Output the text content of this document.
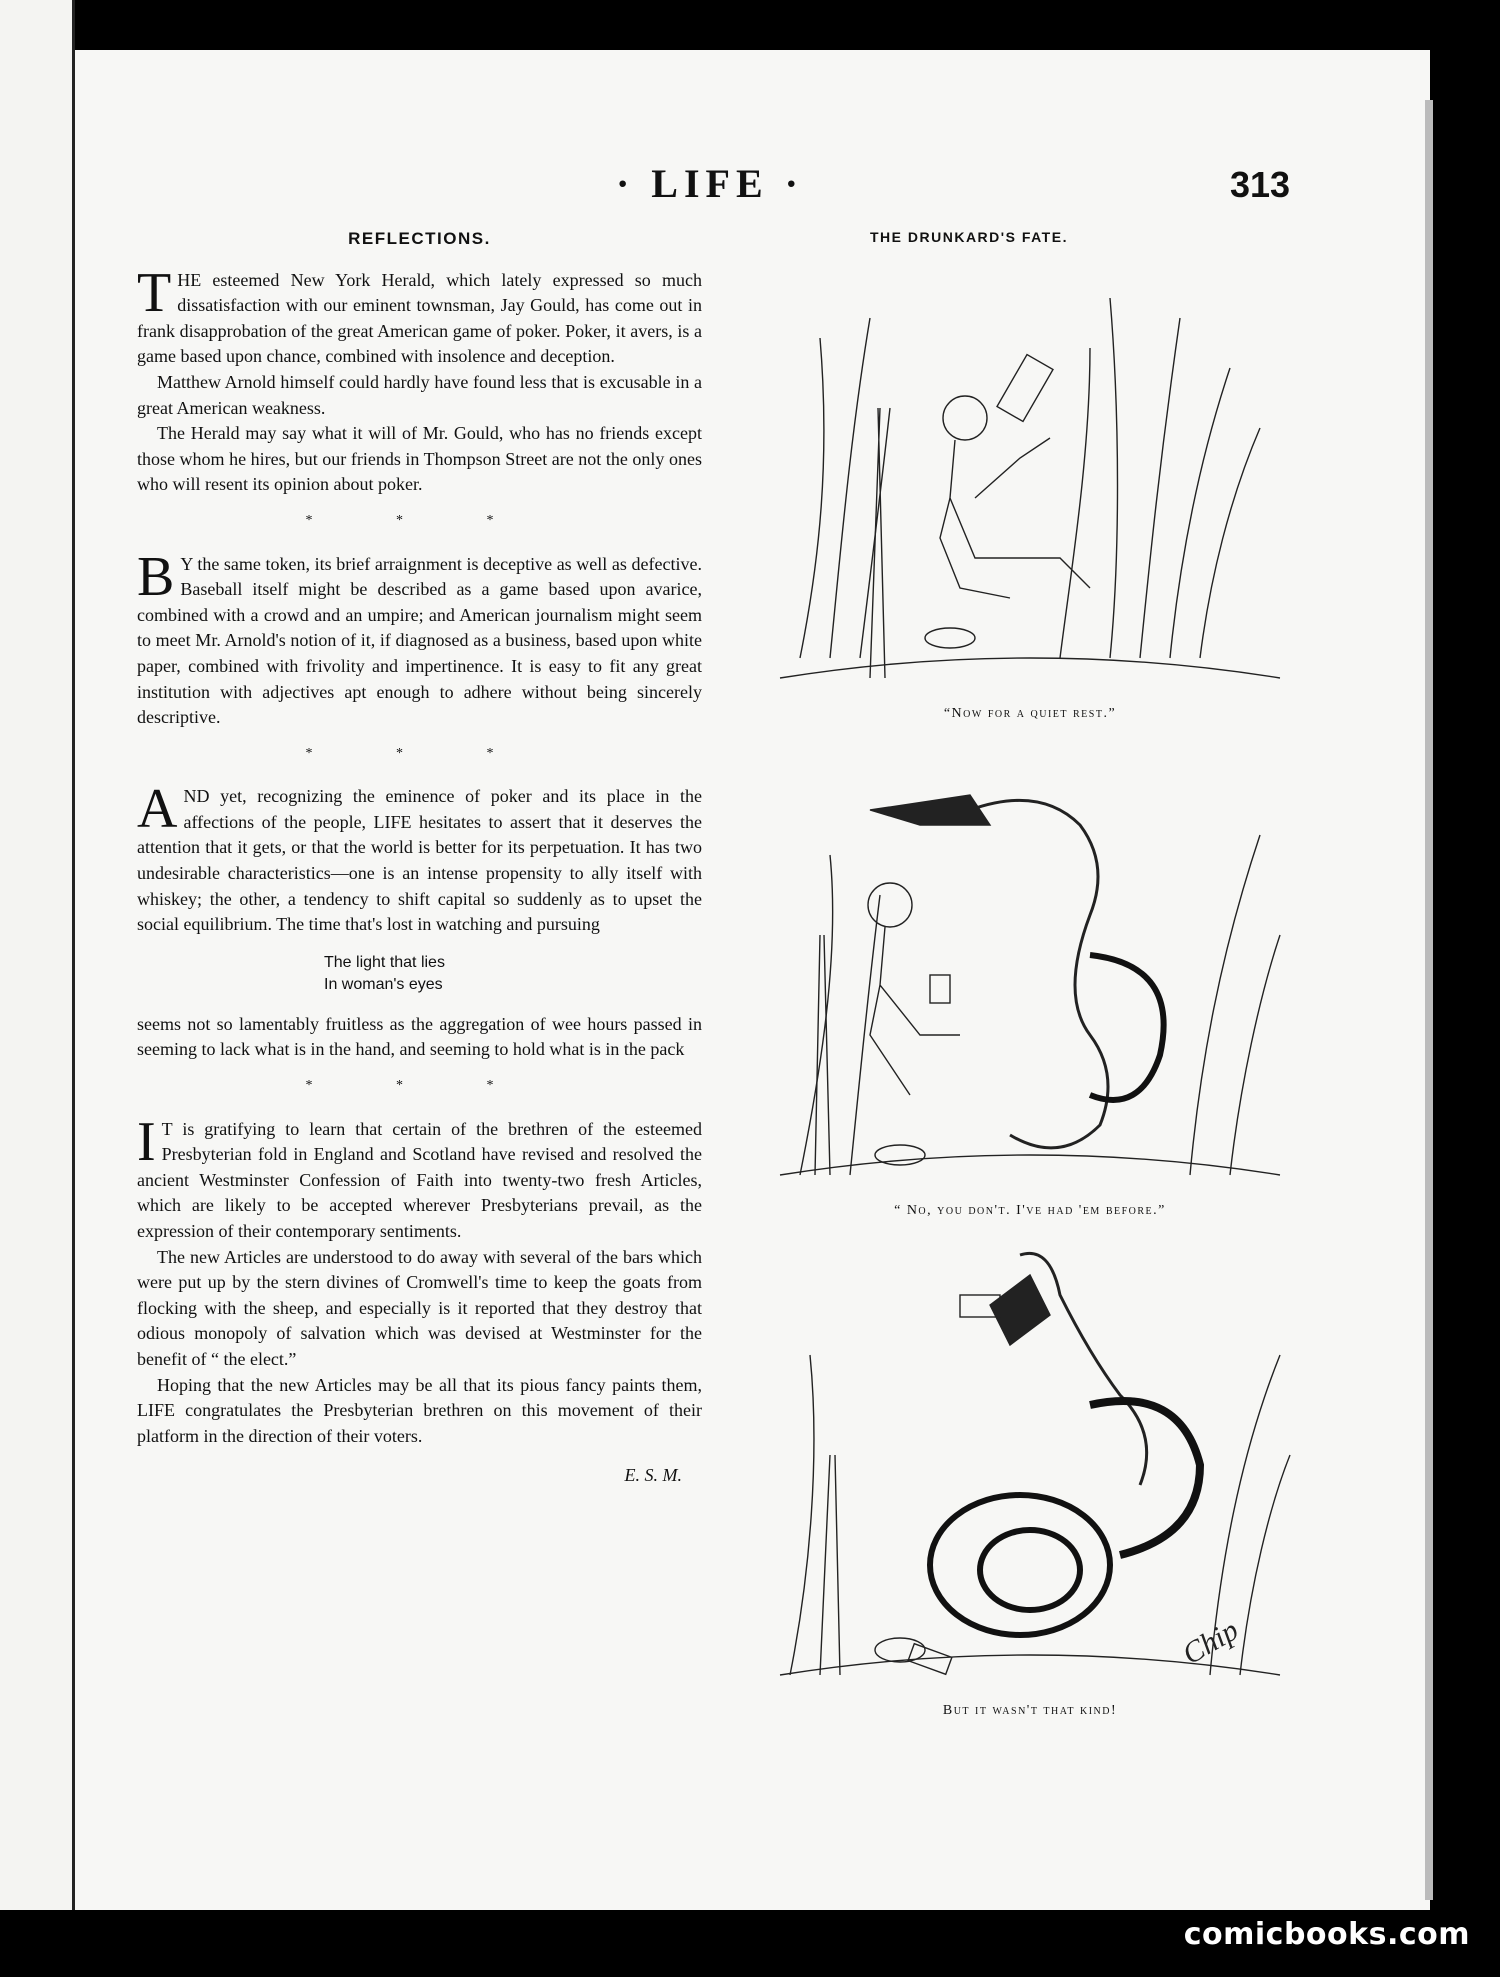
· LIFE ·	313
REFLECTIONS.

THE esteemed New York Herald, which lately expressed so much dissatisfaction with our eminent townsman, Jay Gould, has come out in frank disapprobation of the great American game of poker. Poker, it avers, is a game based upon chance, combined with insolence and deception.

Matthew Arnold himself could hardly have found less that is excusable in a great American weakness.

The Herald may say what it will of Mr. Gould, who has no friends except those whom he hires, but our friends in Thompson Street are not the only ones who will resent its opinion about poker.

* * *

B Y the same token, its brief arraignment is deceptive as well as defective. Baseball itself might be described as a game based upon avarice, combined with a crowd and an umpire; and American journalism might seem to meet Mr. Arnold's notion of it, if diagnosed as a business, based upon white paper, combined with frivolity and impertinence. It is easy to fit any great institution with adjectives apt enough to adhere without being sincerely descriptive.

* * *

AND yet, recognizing the eminence of poker and its place in the affections of the people, LIFE hesitates to assert that it deserves the attention that it gets, or that the world is better for its perpetuation. It has two undesirable characteristics—one is an intense propensity to ally itself with whiskey; the other, a tendency to shift capital so suddenly as to upset the social equilibrium. The time that's lost in watching and pursuing

The light that lies
In woman's eyes

seems not so lamentably fruitless as the aggregation of wee hours passed in seeming to lack what is in the hand, and seeming to hold what is in the pack

* * *

I T is gratifying to learn that certain of the brethren of the esteemed Presbyterian fold in England and Scotland have revised and resolved the ancient Westminster Confession of Faith into twenty-two fresh Articles, which are likely to be accepted wherever Presbyterians prevail, as the expression of their contemporary sentiments.

The new Articles are understood to do away with several of the bars which were put up by the stern divines of Cromwell's time to keep the goats from flocking with the sheep, and especially is it reported that they destroy that odious monopoly of salvation which was devised at Westminster for the benefit of “ the elect.”

Hoping that the new Articles may be all that its pious fancy paints them, LIFE congratulates the Presbyterian brethren on this movement of their platform in the direction of their voters.

E. S. M.
THE DRUNKARD'S FATE.
“Now for a quiet rest.”
“ No, you don't. I've had 'em before.”
Chip
But it wasn't that kind!
comicbooks.com
